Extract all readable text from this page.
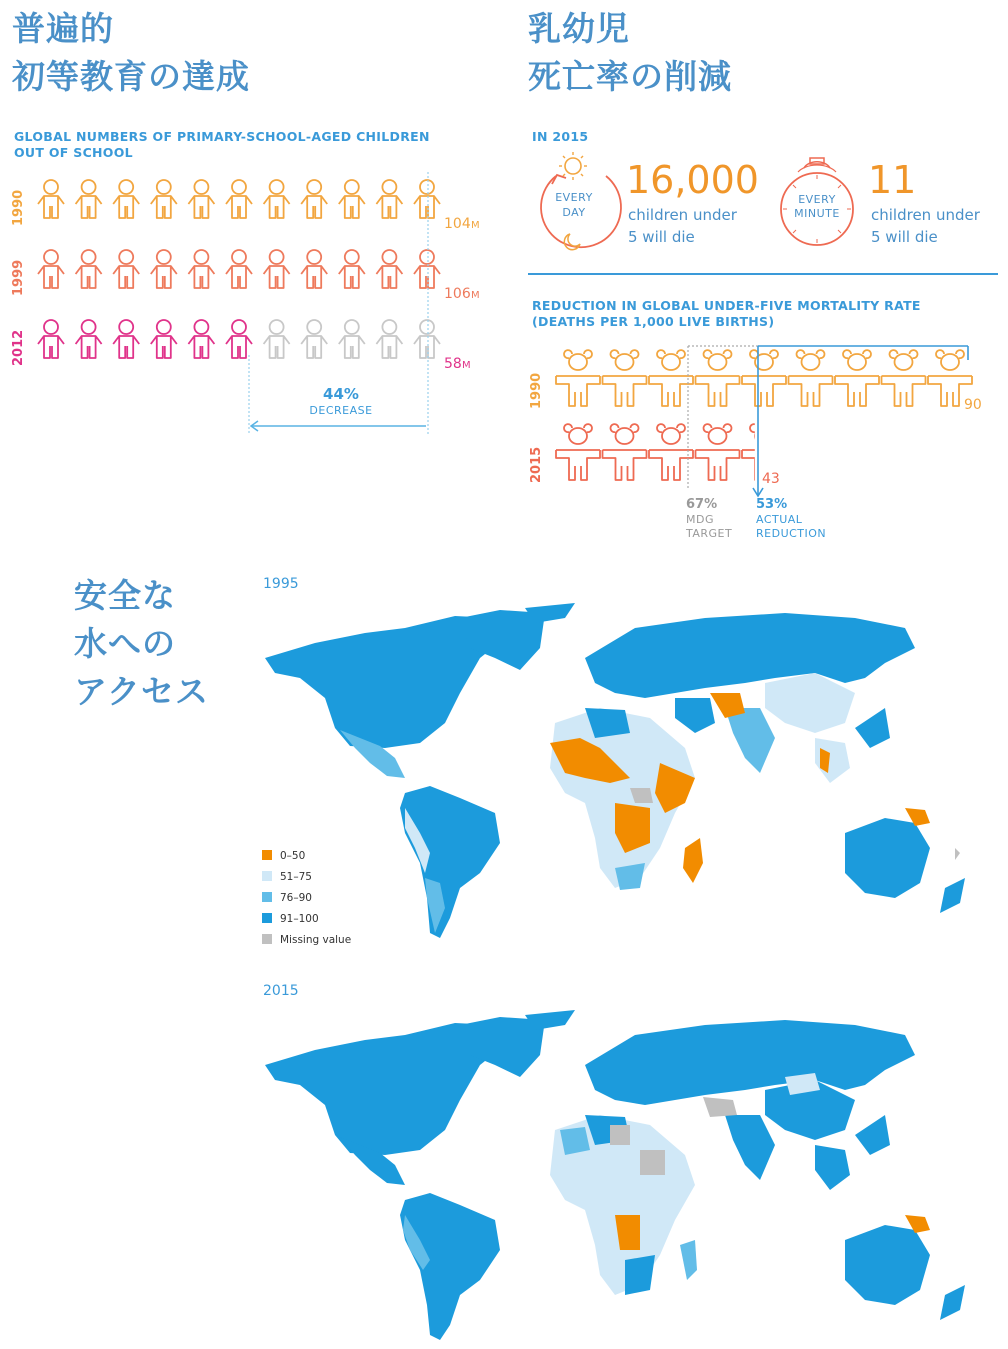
普遍的
初等教育の達成
GLOBAL NUMBERS OF PRIMARY-SCHOOL-AGED CHILDREN
OUT OF SCHOOL
1990	104 M
1999	106 M
2012	58 M
44%
DECREASE
乳幼児
死亡率の削減
IN 2015
EVERY
DAY
16,000
children under
5 will die
EVERY
MINUTE
11
children under
5 will die
REDUCTION IN GLOBAL UNDER-FIVE MORTALITY RATE
(DEATHS PER 1,000 LIVE BIRTHS)
1990	90
2015	43
67%
MDG
TARGET
53%
ACTUAL
REDUCTION
安全な
水への
アクセス
1995
2015
0–50
51–75
76–90
91–100
Missing value
